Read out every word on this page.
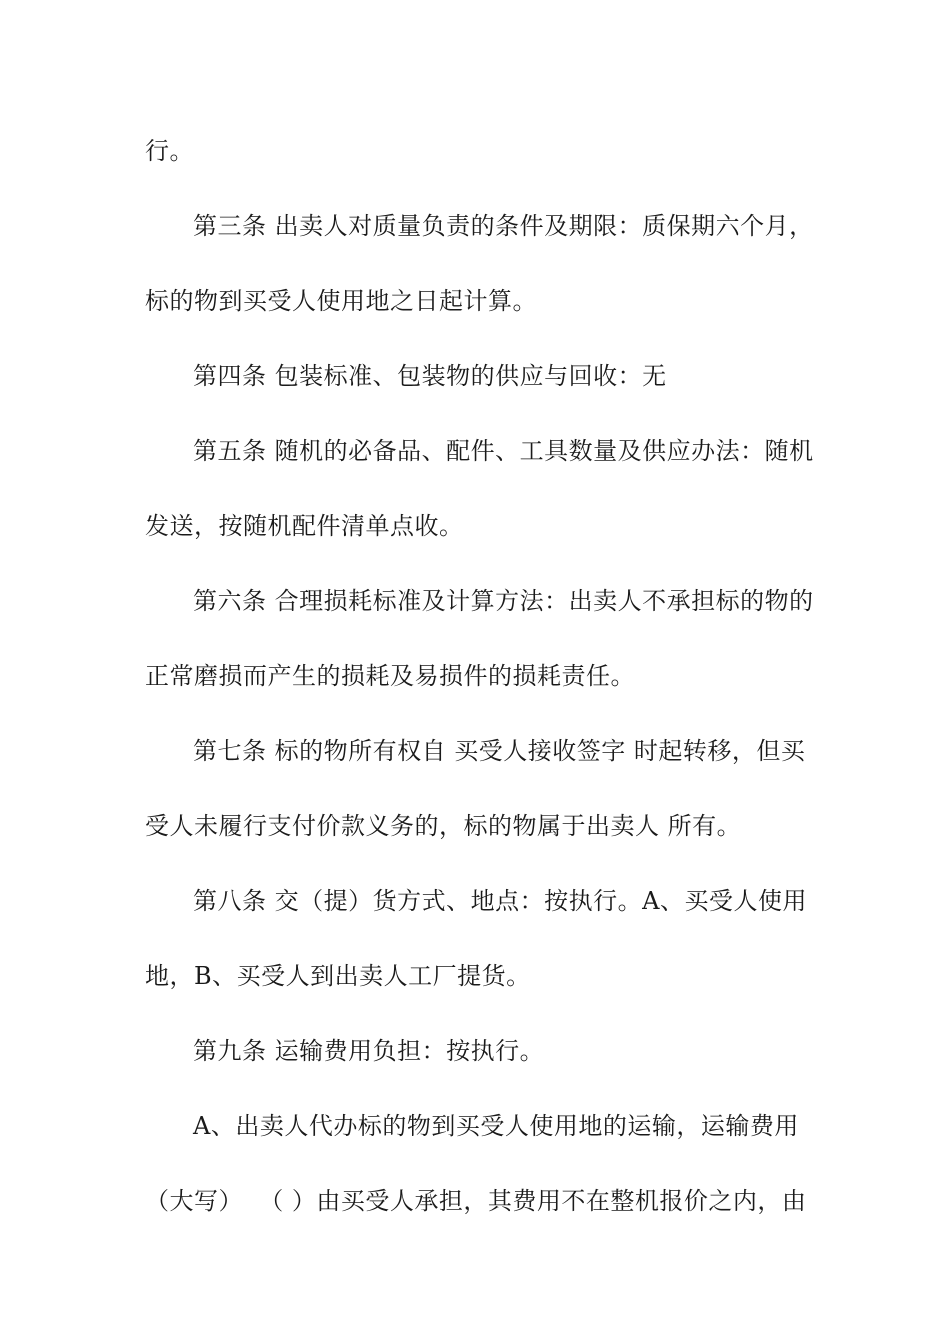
行。
第三条 出卖人对质量负责的条件及期限：质保期六个月，
标的物到买受人使用地之日起计算。
第四条 包装标准、包装物的供应与回收：无
第五条 随机的必备品、配件、工具数量及供应办法：随机
发送，按随机配件清单点收。
第六条 合理损耗标准及计算方法：出卖人不承担标的物的
正常磨损而产生的损耗及易损件的损耗责任。
第七条 标的物所有权自 买受人接收签字 时起转移，但买
受人未履行支付价款义务的，标的物属于出卖人 所有。
第八条 交（提）货方式、地点：按执行。A、买受人使用
地，B、买受人到出卖人工厂提货。
第九条 运输费用负担：按执行。
A、出卖人代办标的物到买受人使用地的运输，运输费用
（大写）  （ ）由买受人承担，其费用不在整机报价之内，由
